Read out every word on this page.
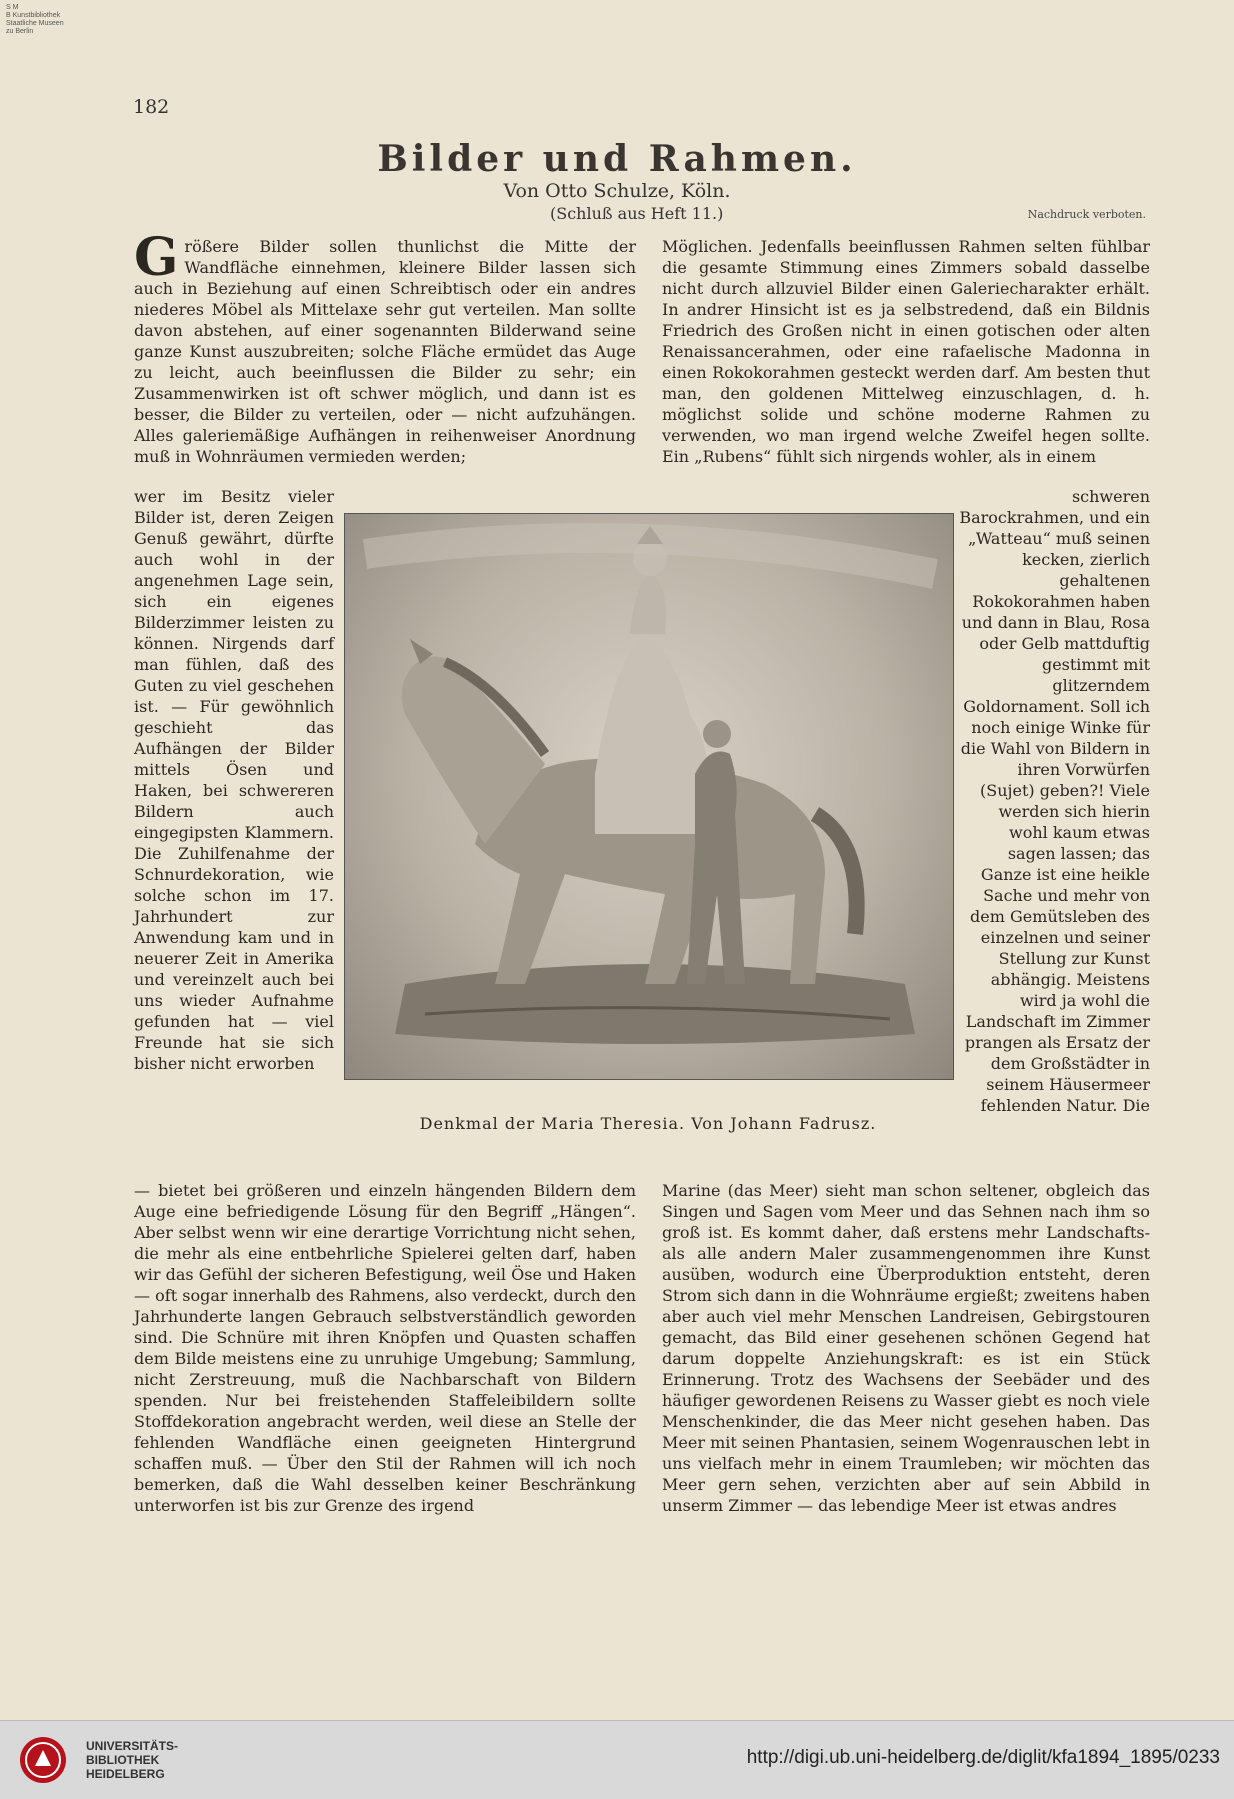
S M
B Kunstbibliothek
Staatliche Museen
zu Berlin
182
Bilder und Rahmen.
Von Otto Schulze, Köln.
(Schluß aus Heft 11.)	Nachdruck verboten.
G rößere Bilder sollen thunlichst die Mitte der Wandfläche einnehmen, kleinere Bilder lassen sich auch in Beziehung auf einen Schreibtisch oder ein andres niederes Möbel als Mittelaxe sehr gut verteilen. Man sollte davon abstehen, auf einer sogenannten Bilderwand seine ganze Kunst auszubreiten; solche Fläche ermüdet das Auge zu leicht, auch beeinflussen die Bilder zu sehr; ein Zusammenwirken ist oft schwer möglich, und dann ist es besser, die Bilder zu verteilen, oder — nicht aufzuhängen. Alles galeriemäßige Aufhängen in reihenweiser Anordnung muß in Wohnräumen vermieden werden;

Möglichen. Jedenfalls beeinflussen Rahmen selten fühlbar die gesamte Stimmung eines Zimmers sobald dasselbe nicht durch allzuviel Bilder einen Galeriecharakter erhält. In andrer Hinsicht ist es ja selbstredend, daß ein Bildnis Friedrich des Großen nicht in einen gotischen oder alten Renaissancerahmen, oder eine rafaelische Madonna in einen Rokokorahmen gesteckt werden darf. Am besten thut man, den goldenen Mittelweg einzuschlagen, d. h. möglichst solide und schöne moderne Rahmen zu verwenden, wo man irgend welche Zweifel hegen sollte. Ein „Rubens“ fühlt sich nirgends wohler, als in einem

wer im Besitz vieler Bilder ist, deren Zeigen Genuß gewährt, dürfte auch wohl in der angenehmen Lage sein, sich ein eigenes Bilderzimmer leisten zu können. Nirgends darf man fühlen, daß des Guten zu viel geschehen ist. — Für gewöhnlich geschieht das Aufhängen der Bilder mittels Ösen und Haken, bei schwereren Bildern auch eingegipsten Klammern. Die Zuhilfenahme der Schnurdekoration, wie solche schon im 17. Jahrhundert zur Anwendung kam und in neuerer Zeit in Amerika und vereinzelt auch bei uns wieder Aufnahme gefunden hat — viel Freunde hat sie sich bisher nicht erworben

schweren Barockrahmen, und ein „Watteau“ muß seinen kecken, zierlich gehaltenen Rokokorahmen haben und dann in Blau, Rosa oder Gelb mattduftig gestimmt mit glitzerndem Goldornament. Soll ich noch einige Winke für die Wahl von Bildern in ihren Vorwürfen (Sujet) geben?! Viele werden sich hierin wohl kaum etwas sagen lassen; das Ganze ist eine heikle Sache und mehr von dem Gemütsleben des einzelnen und seiner Stellung zur Kunst abhängig. Meistens wird ja wohl die Landschaft im Zimmer prangen als Ersatz der dem Großstädter in seinem Häusermeer fehlenden Natur. Die

Denkmal der Maria Theresia. Von Johann Fadrusz.

— bietet bei größeren und einzeln hängenden Bildern dem Auge eine befriedigende Lösung für den Begriff „Hängen“. Aber selbst wenn wir eine derartige Vorrichtung nicht sehen, die mehr als eine entbehrliche Spielerei gelten darf, haben wir das Gefühl der sicheren Befestigung, weil Öse und Haken — oft sogar innerhalb des Rahmens, also verdeckt, durch den Jahrhunderte langen Gebrauch selbstverständlich geworden sind. Die Schnüre mit ihren Knöpfen und Quasten schaffen dem Bilde meistens eine zu unruhige Umgebung; Sammlung, nicht Zerstreuung, muß die Nachbarschaft von Bildern spenden. Nur bei freistehenden Staffeleibildern sollte Stoffdekoration angebracht werden, weil diese an Stelle der fehlenden Wandfläche einen geeigneten Hintergrund schaffen muß. — Über den Stil der Rahmen will ich noch bemerken, daß die Wahl desselben keiner Beschränkung unterworfen ist bis zur Grenze des irgend

Marine (das Meer) sieht man schon seltener, obgleich das Singen und Sagen vom Meer und das Sehnen nach ihm so groß ist. Es kommt daher, daß erstens mehr Landschafts- als alle andern Maler zusammengenommen ihre Kunst ausüben, wodurch eine Überproduktion entsteht, deren Strom sich dann in die Wohnräume ergießt; zweitens haben aber auch viel mehr Menschen Landreisen, Gebirgstouren gemacht, das Bild einer gesehenen schönen Gegend hat darum doppelte Anziehungskraft: es ist ein Stück Erinnerung. Trotz des Wachsens der Seebäder und des häufiger gewordenen Reisens zu Wasser giebt es noch viele Menschenkinder, die das Meer nicht gesehen haben. Das Meer mit seinen Phantasien, seinem Wogenrauschen lebt in uns vielfach mehr in einem Traumleben; wir möchten das Meer gern sehen, verzichten aber auf sein Abbild in unserm Zimmer — das lebendige Meer ist etwas andres

UNIVERSITÄTS-
BIBLIOTHEK
HEIDELBERG
http://digi.ub.uni-heidelberg.de/diglit/kfa1894_1895/0233
